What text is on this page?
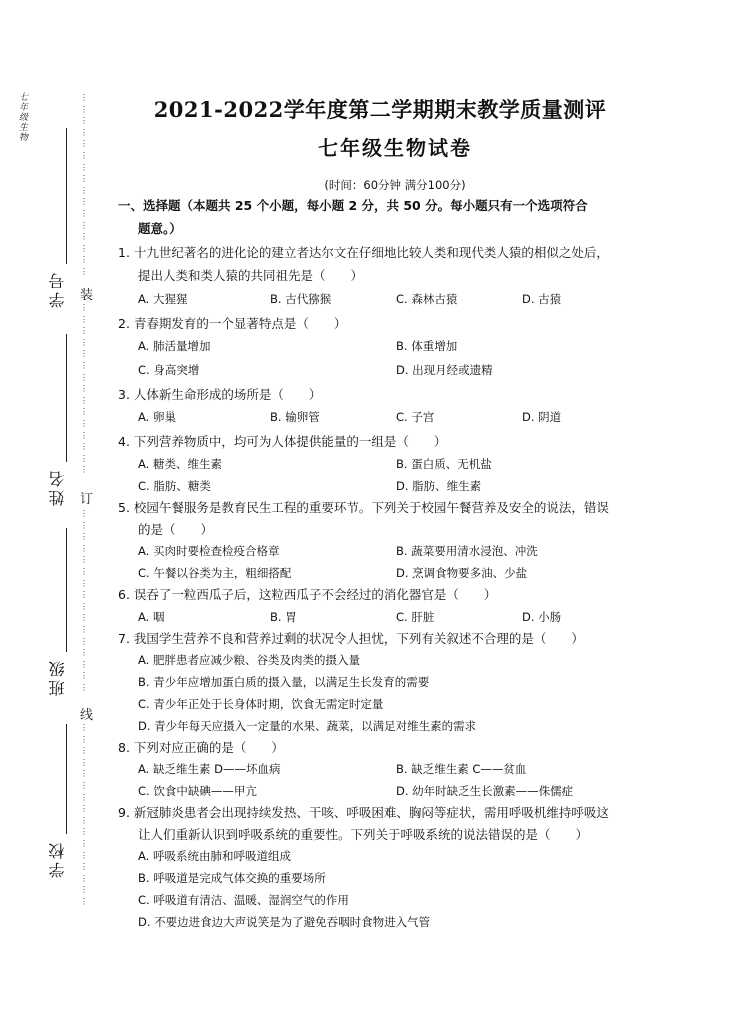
七年级生物	⋮
⋮
⋮
⋮
⋮
⋮
⋮
⋮
⋮
⋮
⋮
⋮
⋮
⋮
⋮
⋮
装
⋮
⋮
⋮
⋮
⋮
⋮
⋮
⋮
⋮
⋮
⋮
⋮
⋮
⋮
⋮
订
⋮
⋮
⋮
⋮
⋮
⋮
⋮
⋮
⋮
⋮
⋮
⋮
⋮
⋮
⋮
⋮
线
⋮
⋮
⋮
⋮
⋮
⋮
⋮
⋮
⋮
⋮
⋮
⋮
⋮
⋮
⋮
⋮
学号
姓名
班级
学校
2021-2022学年度第二学期期末教学质量测评
七年级生物试卷
(时间：60分钟 满分100分)
一、选择题（本题共 25 个小题，每小题 2 分，共 50 分。每小题只有一个选项符合
题意。）
1. 十九世纪著名的进化论的建立者达尔文在仔细地比较人类和现代类人猿的相似之处后，
提出人类和类人猿的共同祖先是（　　）
A. 大猩猩	B. 古代猕猴	C. 森林古猿	D. 古猿
2. 青春期发育的一个显著特点是（　　）
A. 肺活量增加	B. 体重增加
C. 身高突增	D. 出现月经或遗精
3. 人体新生命形成的场所是（　　）
A. 卵巢	B. 输卵管	C. 子宫	D. 阴道
4. 下列营养物质中，均可为人体提供能量的一组是（　　）
A. 糖类、维生素	B. 蛋白质、无机盐
C. 脂肪、糖类	D. 脂肪、维生素
5. 校园午餐服务是教育民生工程的重要环节。下列关于校园午餐营养及安全的说法，错误
的是（　　）
A. 买肉时要检查检疫合格章	B. 蔬菜要用清水浸泡、冲洗
C. 午餐以谷类为主，粗细搭配	D. 烹调食物要多油、少盐
6. 误吞了一粒西瓜子后，这粒西瓜子不会经过的消化器官是（　　）
A. 咽	B. 胃	C. 肝脏	D. 小肠
7. 我国学生营养不良和营养过剩的状况令人担忧，下列有关叙述不合理的是（　　）
A. 肥胖患者应减少粮、谷类及肉类的摄入量
B. 青少年应增加蛋白质的摄入量，以满足生长发育的需要
C. 青少年正处于长身体时期，饮食无需定时定量
D. 青少年每天应摄入一定量的水果、蔬菜，以满足对维生素的需求
8. 下列对应正确的是（　　）
A. 缺乏维生素 D——坏血病	B. 缺乏维生素 C——贫血
C. 饮食中缺碘——甲亢	D. 幼年时缺乏生长激素——侏儒症
9. 新冠肺炎患者会出现持续发热、干咳、呼吸困难、胸闷等症状，需用呼吸机维持呼吸这
让人们重新认识到呼吸系统的重要性。下列关于呼吸系统的说法错误的是（　　）
A. 呼吸系统由肺和呼吸道组成
B. 呼吸道是完成气体交换的重要场所
C. 呼吸道有清洁、温暖、湿润空气的作用
D. 不要边进食边大声说笑是为了避免吞咽时食物进入气管
